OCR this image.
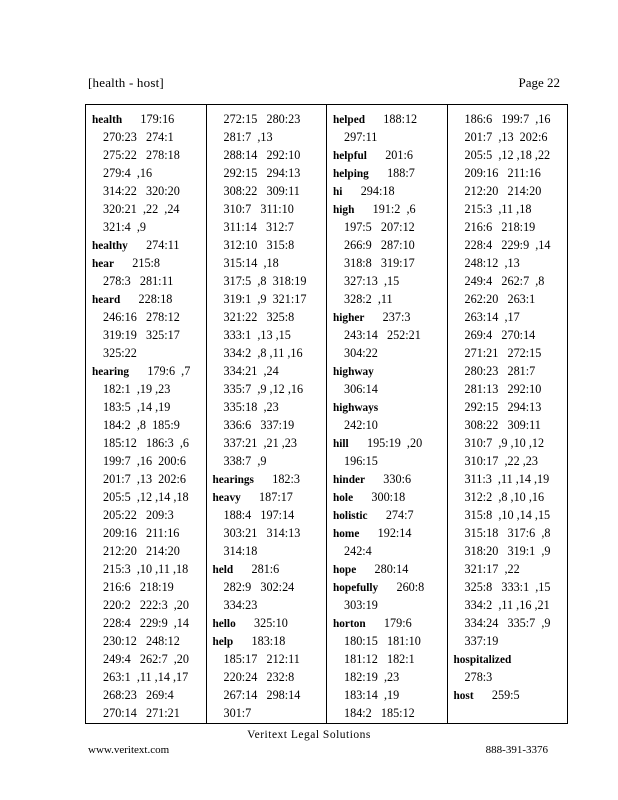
[health - host]	Page 22
health 179:16
270:23   274:1
275:22   278:18
279:4  ,16
314:22   320:20
320:21  ,22  ,24
321:4  ,9
healthy 274:11
hear 215:8
278:3   281:11
heard 228:18
246:16   278:12
319:19   325:17
325:22
hearing 179:6  ,7
182:1  ,19 ,23
183:5  ,14 ,19
184:2  ,8  185:9
185:12   186:3  ,6
199:7  ,16  200:6
201:7  ,13  202:6
205:5  ,12 ,14 ,18
205:22   209:3
209:16   211:16
212:20   214:20
215:3  ,10 ,11 ,18
216:6   218:19
220:2   222:3  ,20
228:4   229:9  ,14
230:12   248:12
249:4   262:7  ,20
263:1  ,11 ,14 ,17
268:23   269:4
270:14   271:21
272:15   280:23
281:7  ,13
288:14   292:10
292:15   294:13
308:22   309:11
310:7   311:10
311:14   312:7
312:10   315:8
315:14  ,18
317:5  ,8  318:19
319:1  ,9  321:17
321:22   325:8
333:1  ,13 ,15
334:2  ,8 ,11 ,16
334:21  ,24
335:7  ,9 ,12 ,16
335:18  ,23
336:6   337:19
337:21  ,21 ,23
338:7  ,9
hearings 182:3
heavy 187:17
188:4   197:14
303:21   314:13
314:18
held 281:6
282:9   302:24
334:23
hello 325:10
help 183:18
185:17   212:11
220:24   232:8
267:14   298:14
301:7
helped 188:12
297:11
helpful 201:6
helping 188:7
hi 294:18
high 191:2  ,6
197:5   207:12
266:9   287:10
318:8   319:17
327:13  ,15
328:2  ,11
higher 237:3
243:14   252:21
304:22
highway
306:14
highways
242:10
hill 195:19  ,20
196:15
hinder 330:6
hole 300:18
holistic 274:7
home 192:14
242:4
hope 280:14
hopefully 260:8
303:19
horton 179:6
180:15   181:10
181:12   182:1
182:19  ,23
183:14  ,19
184:2   185:12
186:6   199:7  ,16
201:7  ,13  202:6
205:5  ,12 ,18 ,22
209:16   211:16
212:20   214:20
215:3  ,11 ,18
216:6   218:19
228:4   229:9  ,14
248:12  ,13
249:4   262:7  ,8
262:20   263:1
263:14  ,17
269:4   270:14
271:21   272:15
280:23   281:7
281:13   292:10
292:15   294:13
308:22   309:11
310:7  ,9 ,10 ,12
310:17  ,22 ,23
311:3  ,11 ,14 ,19
312:2  ,8 ,10 ,16
315:8  ,10 ,14 ,15
315:18   317:6  ,8
318:20   319:1  ,9
321:17  ,22
325:8   333:1  ,15
334:2  ,11 ,16 ,21
334:24   335:7  ,9
337:19
hospitalized
278:3
host 259:5
Veritext Legal Solutions
www.veritext.com	888-391-3376
